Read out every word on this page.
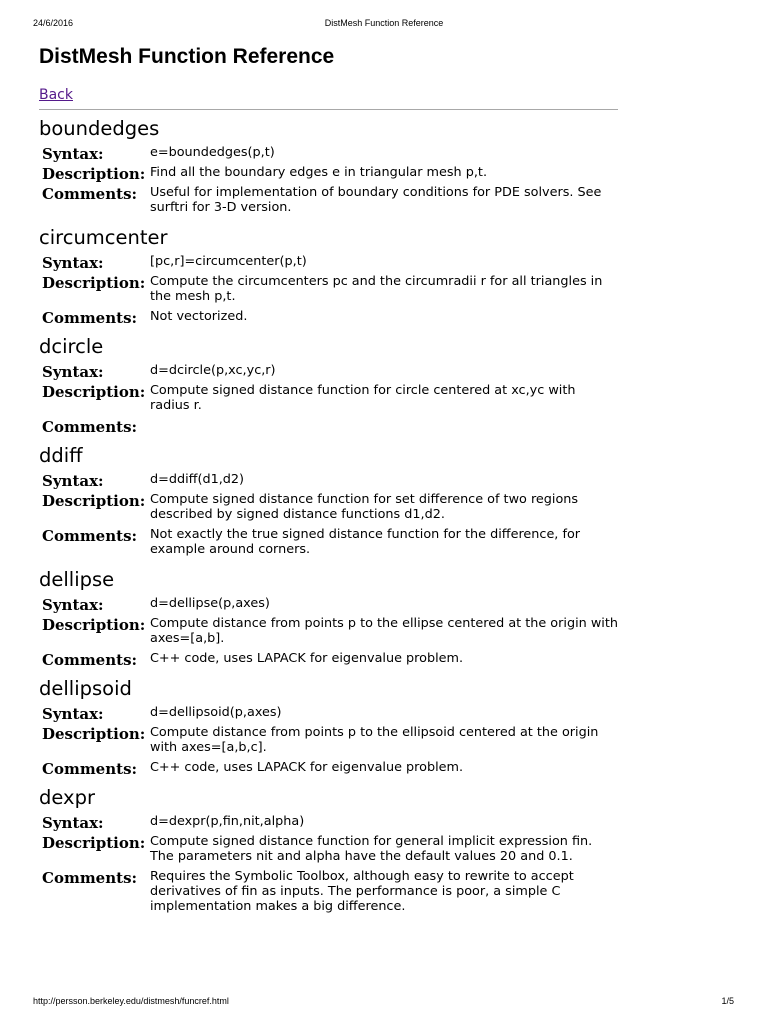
24/6/2016	DistMesh Function Reference
DistMesh Function Reference
Back
boundedges
Syntax:	e=boundedges(p,t)
Description:	Find all the boundary edges e in triangular mesh p,t.
Comments:	Useful for implementation of boundary conditions for PDE solvers. See surftri for 3-D version.
circumcenter
Syntax:	[pc,r]=circumcenter(p,t)
Description:	Compute the circumcenters pc and the circumradii r for all triangles in the mesh p,t.
Comments:	Not vectorized.
dcircle
Syntax:	d=dcircle(p,xc,yc,r)
Description:	Compute signed distance function for circle centered at xc,yc with radius r.
Comments:	
ddiff
Syntax:	d=ddiff(d1,d2)
Description:	Compute signed distance function for set difference of two regions described by signed distance functions d1,d2.
Comments:	Not exactly the true signed distance function for the difference, for example around corners.
dellipse
Syntax:	d=dellipse(p,axes)
Description:	Compute distance from points p to the ellipse centered at the origin with axes=[a,b].
Comments:	C++ code, uses LAPACK for eigenvalue problem.
dellipsoid
Syntax:	d=dellipsoid(p,axes)
Description:	Compute distance from points p to the ellipsoid centered at the origin with axes=[a,b,c].
Comments:	C++ code, uses LAPACK for eigenvalue problem.
dexpr
Syntax:	d=dexpr(p,fin,nit,alpha)
Description:	Compute signed distance function for general implicit expression fin. The parameters nit and alpha have the default values 20 and 0.1.
Comments:	Requires the Symbolic Toolbox, although easy to rewrite to accept derivatives of fin as inputs. The performance is poor, a simple C implementation makes a big difference.
http://persson.berkeley.edu/distmesh/funcref.html	1/5
